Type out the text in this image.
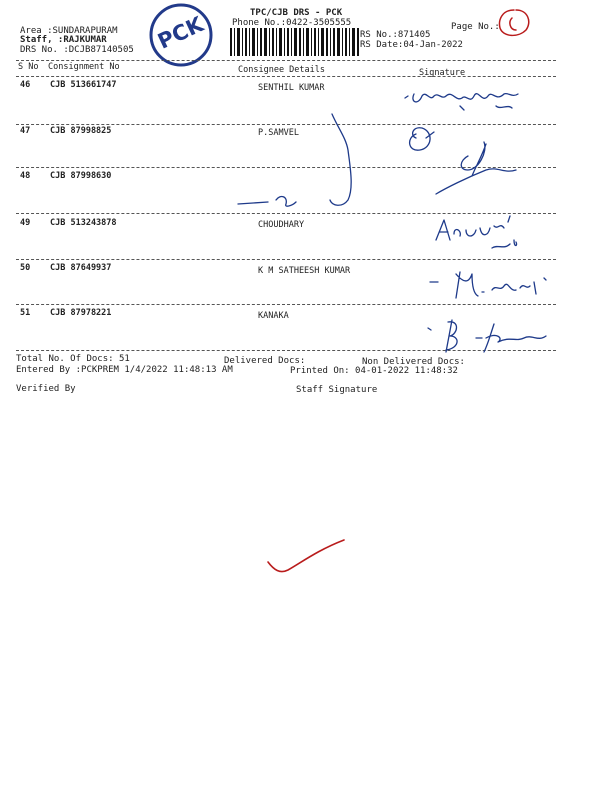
Area :SUNDARAPURAM
Staff, :RAJKUMAR
DRS No. :DCJB87140505 PCK	TPC/CJB DRS - PCK
Phone No.:0422-3505555
RS No.:871405
RS Date:04-Jan-2022
Page No.:
S No Consignment No	Consignee Details	Signature
46 CJB 513661747	SENTHIL KUMAR
47 CJB 87998825	P.SAMVEL
48 CJB 87998630
49 CJB 513243878	CHOUDHARY
50 CJB 87649937	K M SATHEESH KUMAR
51 CJB 87978221	KANAKA
Total No. Of Docs: 51	Delivered Docs:	Non Delivered Docs:
Entered By :PCKPREM 1/4/2022 11:48:13 AM	Printed On: 04-01-2022 11:48:32
Verified By	Staff Signature
